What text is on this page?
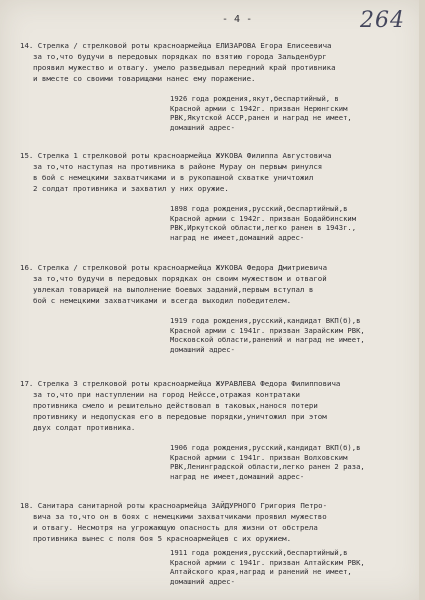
- 4 -	264

14. Стрелка / стрелковой роты красноармейца ЕЛИЗАРОВА Егора Елисеевича

за то,что будучи в передовых порядках по взятию города Зальденбург

проявил мужество и отвагу. умело разведывал передний край противника

и вместе со своими товарищами нанес ему поражение.

1926 года рождения,якут,беспартийный, в

Красной армии с 1942г. призван Нерюнгским

РВК,Якутской АССР,ранен и наград не имеет,

домашний адрес-

15. Стрелка 1 стрелковой роты красноармейца ЖУКОВА Филиппа Августовича

за то,что наступая на противника в районе Мурау он первым ринулся

в бой с немецкими захватчиками и в рукопашной схватке уничтожил

2 солдат противника и захватил у них оружие.

1898 года рождения,русский,беспартийный,в

Красной армии с 1942г. призван Бодайбинским

РВК,Иркутской области,легко ранен в 1943г.,

наград не имеет,домашний адрес-

16. Стрелка / стрелковой роты красноармейца ЖУКОВА Федора Дмитриевича

за то,что будучи в передовых порядках он своим мужеством и отвагой

увлекал товарищей на выполнение боевых заданий,первым вступал в

бой с немецкими захватчиками и всегда выходил победителем.

1919 года рождения,русский,кандидат ВКП(б),в

Красной армии с 1941г. призван Зарайским РВК,

Московской области,ранений и наград не имеет,

домашний адрес-

17. Стрелка 3 стрелковой роты красноармейца ЖУРАВЛЕВА Федора Филипповича

за то,что при наступлении на город Нейссе,отражая контратаки

противника смело и решительно действовал в таковых,нанося потери

противнику и недопуская его в передовые порядки,уничтожил при этом

двух солдат противника.

1906 года рождения,русский,кандидат ВКП(б),в

Красной армии с 1941г. призван Волховским

РВК,Ленинградской области,легко ранен 2 раза,

наград не имеет,домашний адрес-

18. Санитара санитарной роты красноармейца ЗАЙДУРНОГО Григория Петро-

вича за то,что он в боях с немецкими захватчиками проявил мужество

и отвагу. Несмотря на угрожающую опасность для жизни от обстрела

противника вынес с поля боя 5 красноармейцев с их оружием.

1911 года рождения,русский,беспартийный,в

Красной армии с 1941г. призван Алтайским РВК,

Алтайского края,наград и ранений не имеет,

домашний адрес-
